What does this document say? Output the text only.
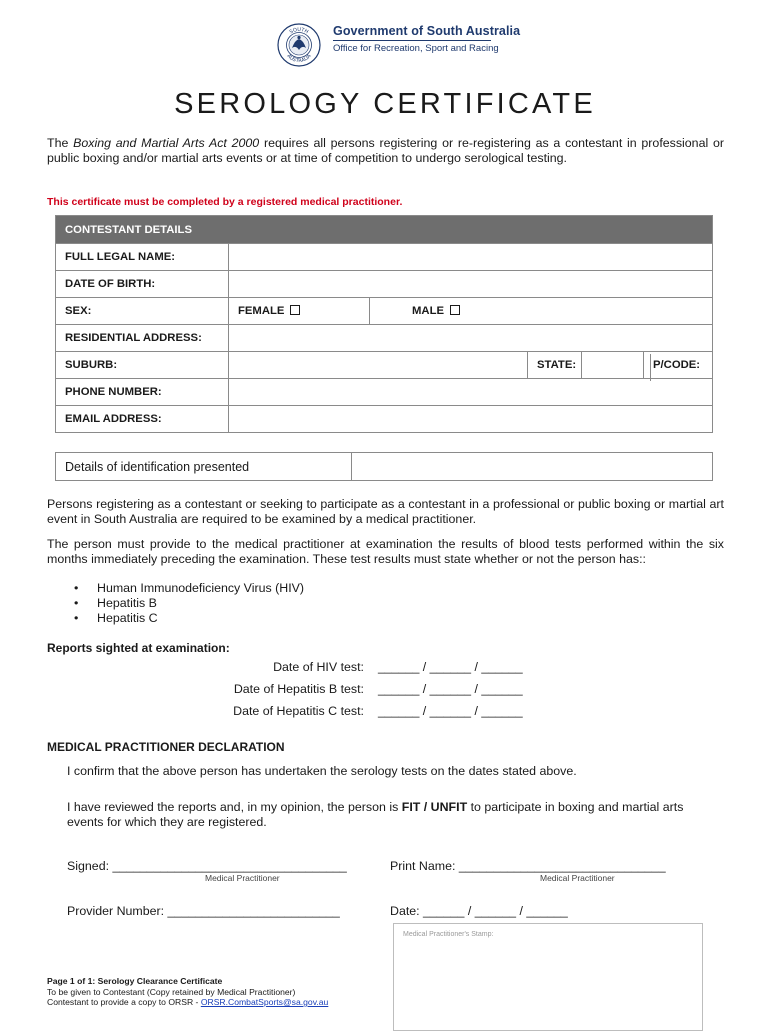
SOUTH
AUSTRALIA
Government of South Australia
Office for Recreation, Sport and Racing
SEROLOGY CERTIFICATE
The Boxing and Martial Arts Act 2000 requires all persons registering or re-registering as a contestant in professional or public boxing and/or martial arts events or at time of competition to undergo serological testing.
This certificate must be completed by a registered medical practitioner.
CONTESTANT DETAILS					
FULL LEGAL NAME:					
DATE OF BIRTH:					
SEX:	FEMALE	MALE			
RESIDENTIAL ADDRESS:					
SUBURB:			STATE:		P/CODE:
PHONE NUMBER:					
EMAIL ADDRESS:					
Details of identification presented	
Persons registering as a contestant or seeking to participate as a contestant in a professional or public boxing or martial art event in South Australia are required to be examined by a medical practitioner.
The person must provide to the medical practitioner at examination the results of blood tests performed within the six months immediately preceding the examination. These test results must state whether or not the person has::
• Human Immunodeficiency Virus (HIV)
• Hepatitis B
• Hepatitis C
Reports sighted at examination:
Date of HIV test: ______ / ______ / ______
Date of Hepatitis B test: ______ / ______ / ______
Date of Hepatitis C test: ______ / ______ / ______
MEDICAL PRACTITIONER DECLARATION
I confirm that the above person has undertaken the serology tests on the dates stated above.
I have reviewed the reports and, in my opinion, the person is FIT / UNFIT to participate in boxing and martial arts events for which they are registered.
Signed: __________________________________
Medical Practitioner
Print Name: ______________________________
Medical Practitioner
Provider Number: _________________________	Date: ______ / ______ / ______
Medical Practitioner's Stamp:
Page 1 of 1: Serology Clearance Certificate
To be given to Contestant (Copy retained by Medical Practitioner)
Contestant to provide a copy to ORSR - ORSR.CombatSports@sa.gov.au
